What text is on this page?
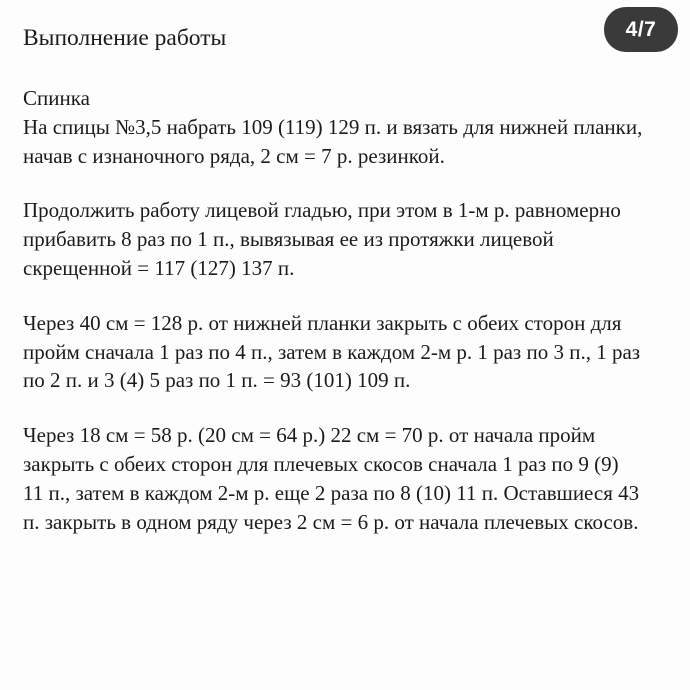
4/7
Выполнение работы

Спинка

На спицы №3,5 набрать 109 (119) 129 п. и вязать для нижней планки, начав с изнаночного ряда, 2 см = 7 р. резинкой.

Продолжить работу лицевой гладью, при этом в 1-м р. равномерно прибавить 8 раз по 1 п., вывязывая ее из протяжки лицевой скрещенной = 117 (127) 137 п.

Через 40 см = 128 р. от нижней планки закрыть с обеих сторон для пройм сначала 1 раз по 4 п., затем в каждом 2-м р. 1 раз по 3 п., 1 раз по 2 п. и 3 (4) 5 раз по 1 п. = 93 (101) 109 п.

Через 18 см = 58 р. (20 см = 64 р.) 22 см = 70 р. от начала пройм закрыть с обеих сторон для плечевых скосов сначала 1 раз по 9 (9) 11 п., затем в каждом 2-м р. еще 2 раза по 8 (10) 11 п. Оставшиеся 43 п. закрыть в одном ряду через 2 см = 6 р. от начала плечевых скосов.
